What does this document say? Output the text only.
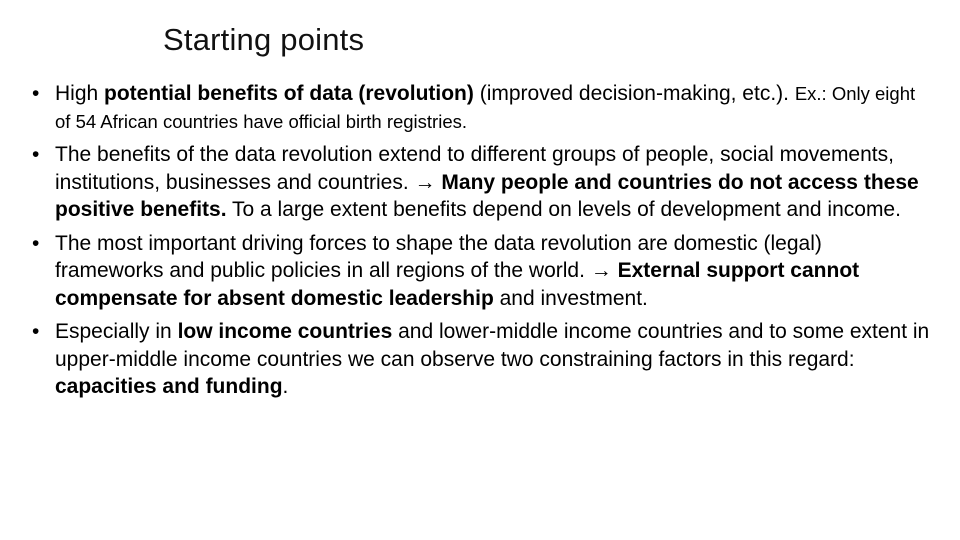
Starting points
• High potential benefits of data (revolution) (improved decision-making, etc.). Ex.: Only eight of 54 African countries have official birth registries.
• The benefits of the data revolution extend to different groups of people, social movements, institutions, businesses and countries. → Many people and countries do not access these positive benefits. To a large extent benefits depend on levels of development and income.
• The most important driving forces to shape the data revolution are domestic (legal) frameworks and public policies in all regions of the world. → External support cannot compensate for absent domestic leadership and investment.
• Especially in low income countries and lower-middle income countries and to some extent in upper-middle income countries we can observe two constraining factors in this regard: capacities and funding.
